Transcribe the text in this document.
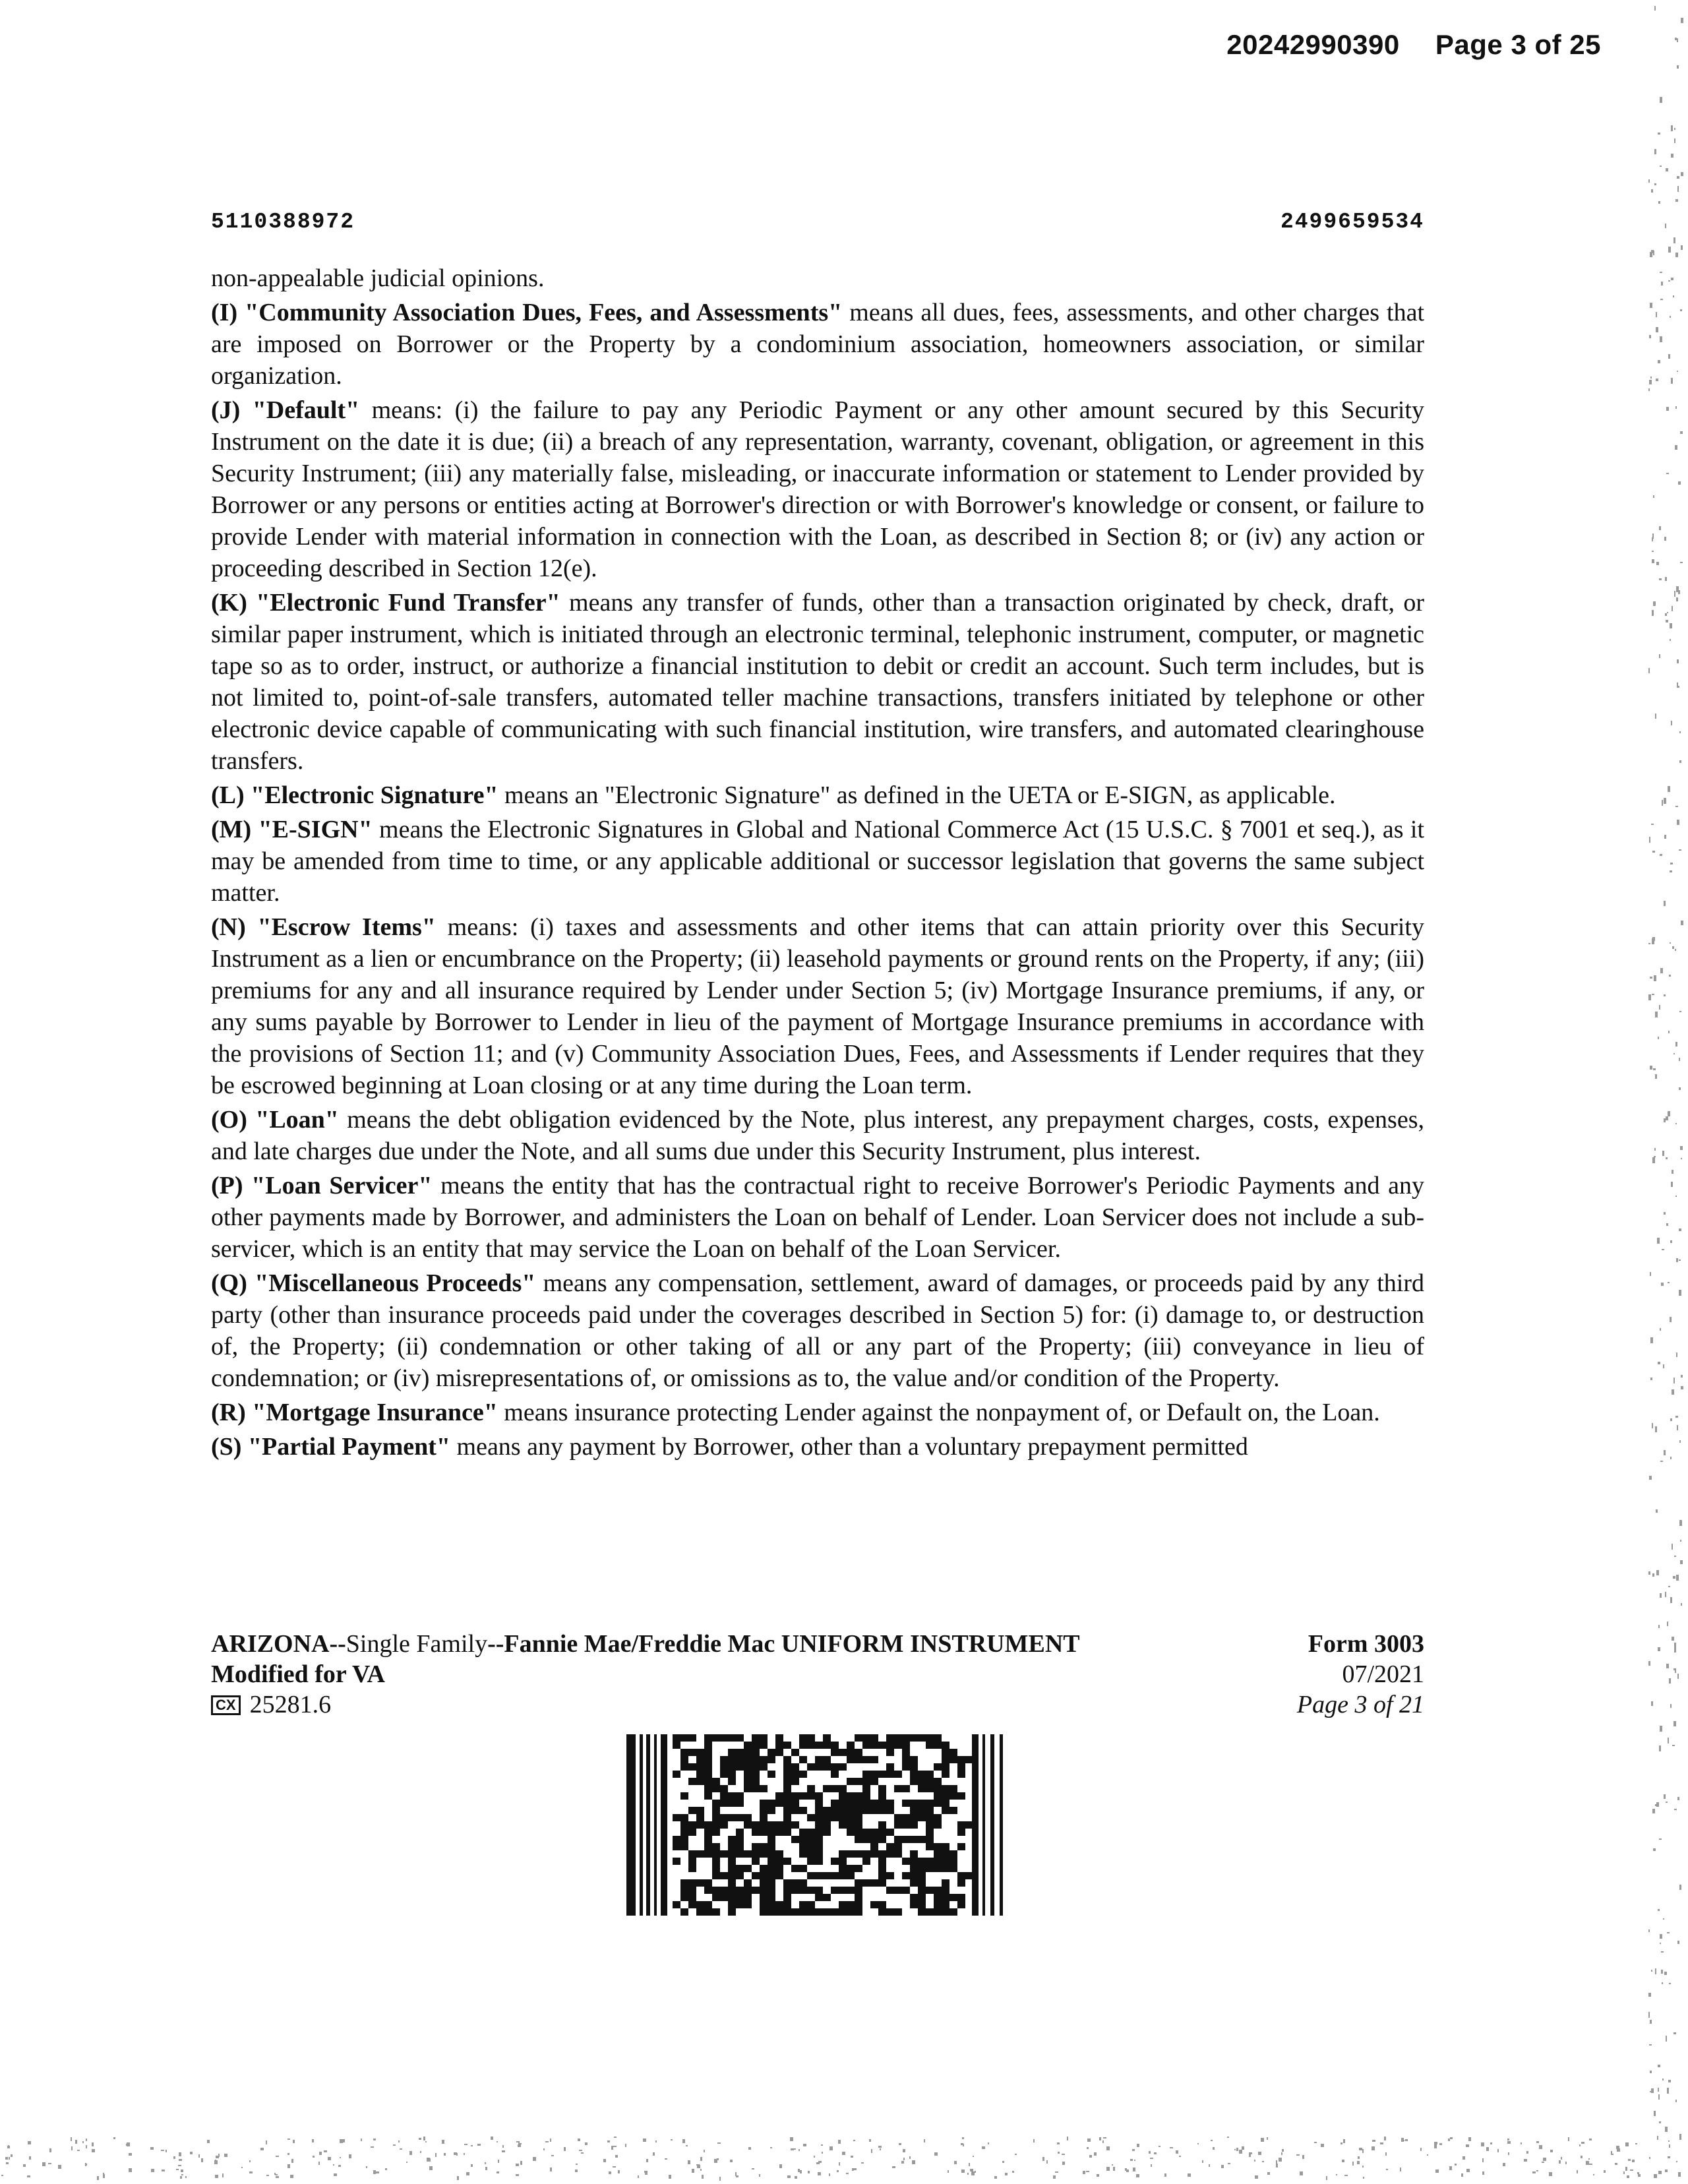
20242990390 Page 3 of 25
5110388972	2499659534

non-appealable judicial opinions.

(I) "Community Association Dues, Fees, and Assessments" means all dues, fees, assessments, and other charges that are imposed on Borrower or the Property by a condominium association, homeowners association, or similar organization.

(J) "Default" means: (i) the failure to pay any Periodic Payment or any other amount secured by this Security Instrument on the date it is due; (ii) a breach of any representation, warranty, covenant, obligation, or agreement in this Security Instrument; (iii) any materially false, misleading, or inaccurate information or statement to Lender provided by Borrower or any persons or entities acting at Borrower's direction or with Borrower's knowledge or consent, or failure to provide Lender with material information in connection with the Loan, as described in Section 8; or (iv) any action or proceeding described in Section 12(e).

(K) "Electronic Fund Transfer" means any transfer of funds, other than a transaction originated by check, draft, or similar paper instrument, which is initiated through an electronic terminal, telephonic instrument, computer, or magnetic tape so as to order, instruct, or authorize a financial institution to debit or credit an account. Such term includes, but is not limited to, point-of-sale transfers, automated teller machine transactions, transfers initiated by telephone or other electronic device capable of communicating with such financial institution, wire transfers, and automated clearinghouse transfers.

(L) "Electronic Signature" means an "Electronic Signature" as defined in the UETA or E-SIGN, as applicable.

(M) "E-SIGN" means the Electronic Signatures in Global and National Commerce Act (15 U.S.C. § 7001 et seq.), as it may be amended from time to time, or any applicable additional or successor legislation that governs the same subject matter.

(N) "Escrow Items" means: (i) taxes and assessments and other items that can attain priority over this Security Instrument as a lien or encumbrance on the Property; (ii) leasehold payments or ground rents on the Property, if any; (iii) premiums for any and all insurance required by Lender under Section 5; (iv) Mortgage Insurance premiums, if any, or any sums payable by Borrower to Lender in lieu of the payment of Mortgage Insurance premiums in accordance with the provisions of Section 11; and (v) Community Association Dues, Fees, and Assessments if Lender requires that they be escrowed beginning at Loan closing or at any time during the Loan term.

(O) "Loan" means the debt obligation evidenced by the Note, plus interest, any prepayment charges, costs, expenses, and late charges due under the Note, and all sums due under this Security Instrument, plus interest.

(P) "Loan Servicer" means the entity that has the contractual right to receive Borrower's Periodic Payments and any other payments made by Borrower, and administers the Loan on behalf of Lender. Loan Servicer does not include a sub-servicer, which is an entity that may service the Loan on behalf of the Loan Servicer.

(Q) "Miscellaneous Proceeds" means any compensation, settlement, award of damages, or proceeds paid by any third party (other than insurance proceeds paid under the coverages described in Section 5) for: (i) damage to, or destruction of, the Property; (ii) condemnation or other taking of all or any part of the Property; (iii) conveyance in lieu of condemnation; or (iv) misrepresentations of, or omissions as to, the value and/or condition of the Property.

(R) "Mortgage Insurance" means insurance protecting Lender against the nonpayment of, or Default on, the Loan.

(S) "Partial Payment" means any payment by Borrower, other than a voluntary prepayment permitted

ARIZONA--Single Family--Fannie Mae/Freddie Mac UNIFORM INSTRUMENT
Modified for VA
CX 25281.6
Form 3003
07/2021
Page 3 of 21
